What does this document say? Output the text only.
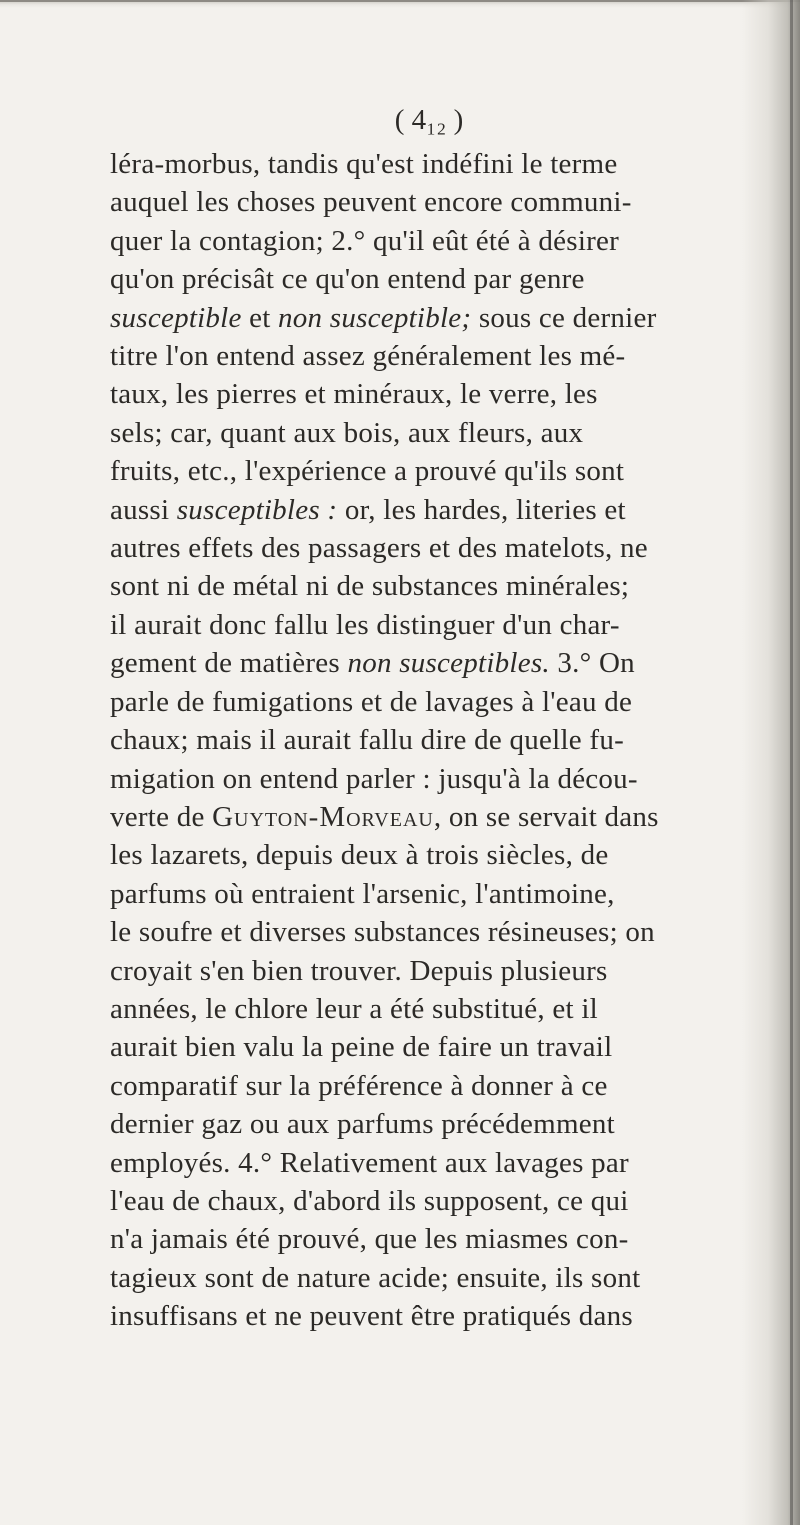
( 4₁₂ )
léra-morbus, tandis qu'est indéfini le terme
auquel les choses peuvent encore communi-
quer la contagion; 2.° qu'il eût été à désirer
qu'on précisât ce qu'on entend par genre
susceptible et non susceptible; sous ce dernier
titre l'on entend assez généralement les mé-
taux, les pierres et minéraux, le verre, les
sels; car, quant aux bois, aux fleurs, aux
fruits, etc., l'expérience a prouvé qu'ils sont
aussi susceptibles : or, les hardes, literies et
autres effets des passagers et des matelots, ne
sont ni de métal ni de substances minérales;
il aurait donc fallu les distinguer d'un char-
gement de matières non susceptibles. 3.° On
parle de fumigations et de lavages à l'eau de
chaux; mais il aurait fallu dire de quelle fu-
migation on entend parler : jusqu'à la décou-
verte de Guyton-Morveau, on se servait dans
les lazarets, depuis deux à trois siècles, de
parfums où entraient l'arsenic, l'antimoine,
le soufre et diverses substances résineuses; on
croyait s'en bien trouver. Depuis plusieurs
années, le chlore leur a été substitué, et il
aurait bien valu la peine de faire un travail
comparatif sur la préférence à donner à ce
dernier gaz ou aux parfums précédemment
employés. 4.° Relativement aux lavages par
l'eau de chaux, d'abord ils supposent, ce qui
n'a jamais été prouvé, que les miasmes con-
tagieux sont de nature acide; ensuite, ils sont
insuffisans et ne peuvent être pratiqués dans
